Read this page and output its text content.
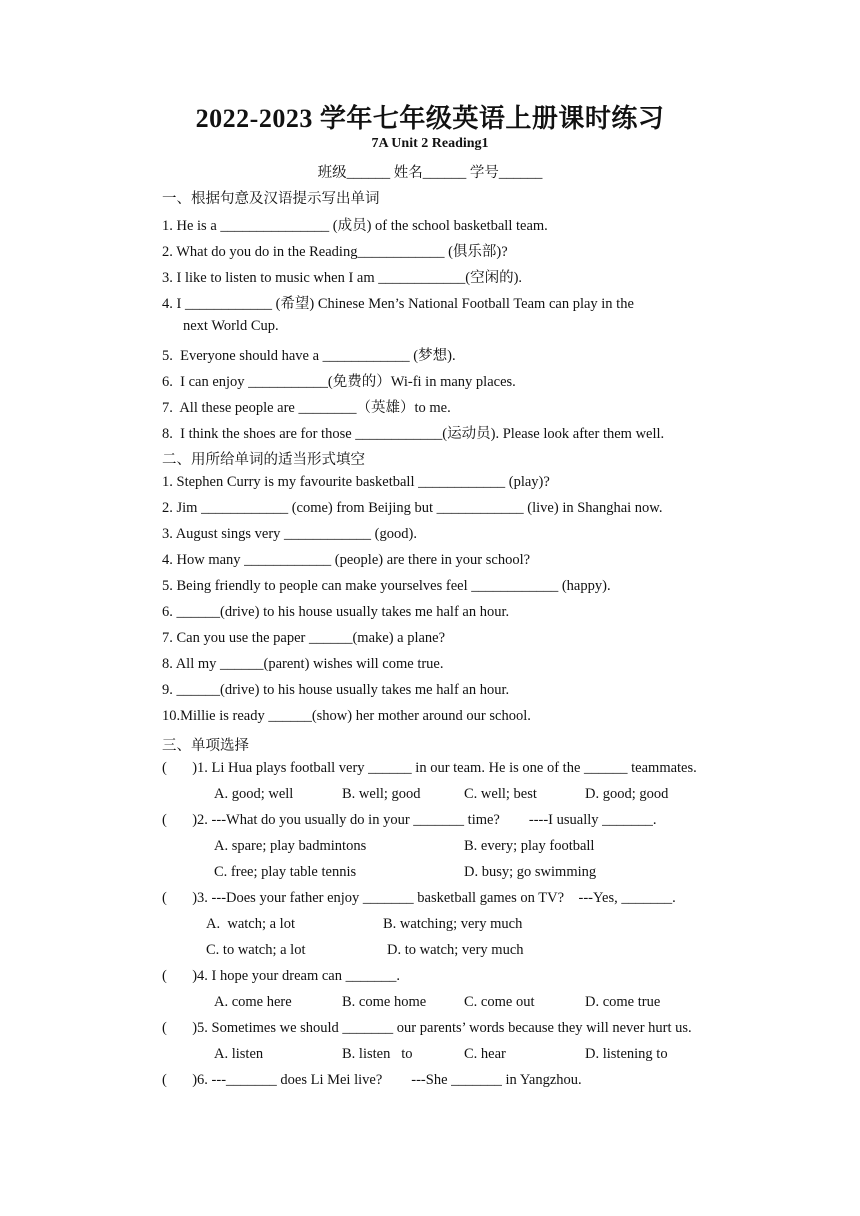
2022-2023 学年七年级英语上册课时练习
7A Unit 2 Reading1
班级______ 姓名______ 学号______
一、根据句意及汉语提示写出单词
1. He is a _______________ (成员) of the school basketball team.
2. What do you do in the Reading____________ (俱乐部)?
3. I like to listen to music when I am ____________(空闲的).
4. I ____________ (希望) Chinese Men’s National Football Team can play in the
next World Cup.
5.  Everyone should have a ____________ (梦想).
6.  I can enjoy ___________(免费的）Wi-fi in many places.
7.  All these people are ________（英雄）to me.
8.  I think the shoes are for those ____________(运动员). Please look after them well.
二、用所给单词的适当形式填空
1. Stephen Curry is my favourite basketball ____________ (play)?
2. Jim ____________ (come) from Beijing but ____________ (live) in Shanghai now.
3. August sings very ____________ (good).
4. How many ____________ (people) are there in your school?
5. Being friendly to people can make yourselves feel ____________ (happy).
6. ______(drive) to his house usually takes me half an hour.
7. Can you use the paper ______(make) a plane?
8. All my ______(parent) wishes will come true.
9. ______(drive) to his house usually takes me half an hour.
10.Millie is ready ______(show) her mother around our school.
三、单项选择
(       )1. Li Hua plays football very ______ in our team. He is one of the ______ teammates.
A. good; well	B. well; good	C. well; best	D. good; good
(       )2. ---What do you usually do in your _______ time?        ----I usually _______.
A. spare; play badmintons	B. every; play football
C. free; play table tennis	D. busy; go swimming
(       )3. ---Does your father enjoy _______ basketball games on TV?    ---Yes, _______.
A.  watch; a lot	B. watching; very much
C. to watch; a lot	D. to watch; very much
(       )4. I hope your dream can _______.
A. come here	B. come home	C. come out	D. come true
(       )5. Sometimes we should _______ our parents’ words because they will never hurt us.
A. listen	B. listen   to	C. hear	D. listening to
(       )6. ---_______ does Li Mei live?        ---She _______ in Yangzhou.
